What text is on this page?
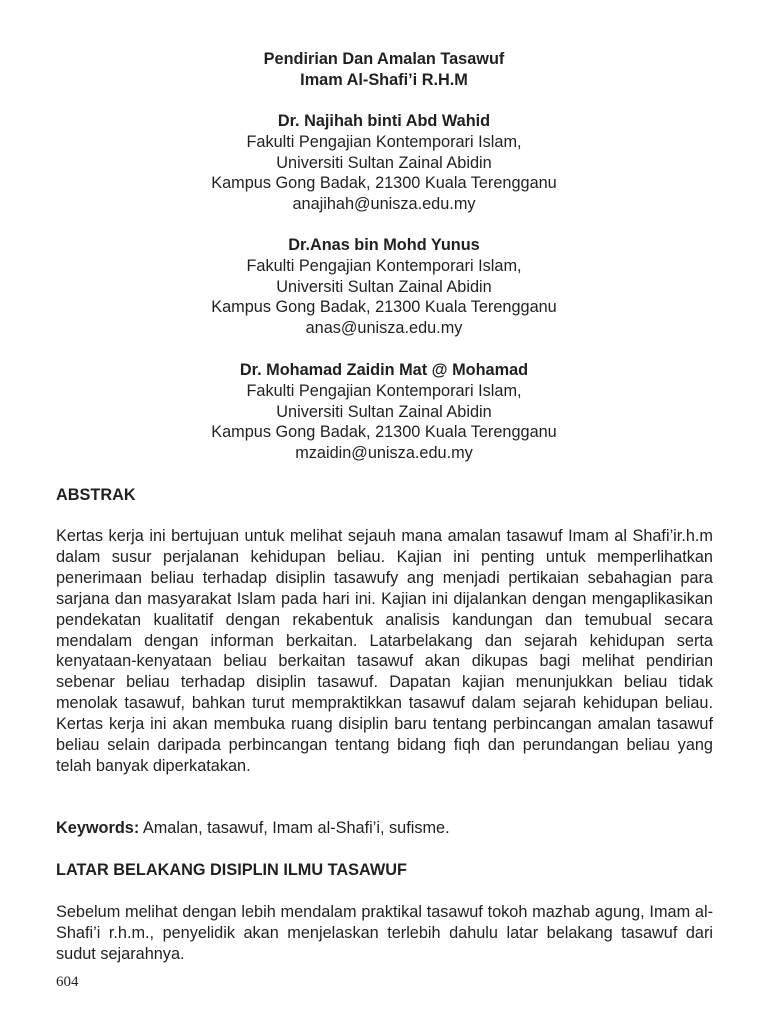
Pendirian Dan Amalan Tasawuf
Imam Al-Shafi’i R.H.M
Dr. Najihah binti Abd Wahid
Fakulti Pengajian Kontemporari Islam,
Universiti Sultan Zainal Abidin
Kampus Gong Badak, 21300 Kuala Terengganu
anajihah@unisza.edu.my
Dr.Anas bin Mohd Yunus
Fakulti Pengajian Kontemporari Islam,
Universiti Sultan Zainal Abidin
Kampus Gong Badak, 21300 Kuala Terengganu
anas@unisza.edu.my
Dr. Mohamad Zaidin Mat @ Mohamad
Fakulti Pengajian Kontemporari Islam,
Universiti Sultan Zainal Abidin
Kampus Gong Badak, 21300 Kuala Terengganu
mzaidin@unisza.edu.my
ABSTRAK

Kertas kerja ini bertujuan untuk melihat sejauh mana amalan tasawuf Imam al Shafi’ir.h.m dalam susur perjalanan kehidupan beliau. Kajian ini penting untuk memperlihatkan penerimaan beliau terhadap disiplin tasawufy ang menjadi pertikaian sebahagian para sarjana dan masyarakat Islam pada hari ini. Kajian ini dijalankan dengan mengaplikasikan pendekatan kualitatif dengan rekabentuk analisis kandungan dan temubual secara mendalam dengan informan berkaitan. Latarbelakang dan sejarah kehidupan serta kenyataan-kenyataan beliau berkaitan tasawuf akan dikupas bagi melihat pendirian sebenar beliau terhadap disiplin tasawuf. Dapatan kajian menunjukkan beliau tidak menolak tasawuf, bahkan turut mempraktikkan tasawuf dalam sejarah kehidupan beliau. Kertas kerja ini akan membuka ruang disiplin baru tentang perbincangan amalan tasawuf beliau selain daripada perbincangan tentang bidang fiqh dan perundangan beliau yang telah banyak diperkatakan.

Keywords: Amalan, tasawuf, Imam al-Shafi’i, sufisme.

LATAR BELAKANG DISIPLIN ILMU TASAWUF

Sebelum melihat dengan lebih mendalam praktikal tasawuf tokoh mazhab agung, Imam al-Shafi’i r.h.m., penyelidik akan menjelaskan terlebih dahulu latar belakang tasawuf dari sudut sejarahnya.

604
